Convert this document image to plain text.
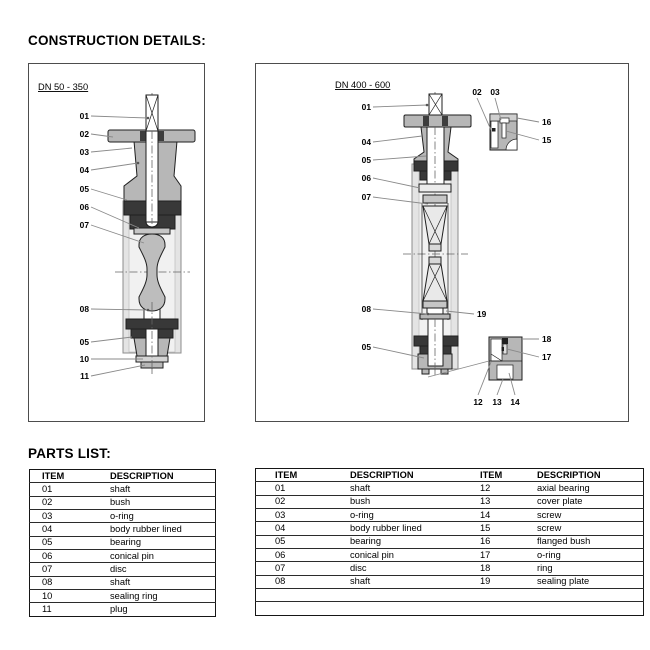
CONSTRUCTION DETAILS:
DN 50 - 350
01
02
03
04
05
06
07
08
05
10
11
DN 400 - 600
01
04
05
06
07
08
05
19
02 03
16
15
18
17
12 13 14
PARTS LIST:
ITEM	DESCRIPTION
01	shaft
02	bush
03	o-ring
04	body rubber lined
05	bearing
06	conical pin
07	disc
08	shaft
10	sealing ring
11	plug
ITEM	DESCRIPTION	ITEM	DESCRIPTION
01	shaft	12	axial bearing
02	bush	13	cover plate
03	o-ring	14	screw
04	body rubber lined	15	screw
05	bearing	16	flanged bush
06	conical pin	17	o-ring
07	disc	18	ring
08	shaft	19	sealing plate
